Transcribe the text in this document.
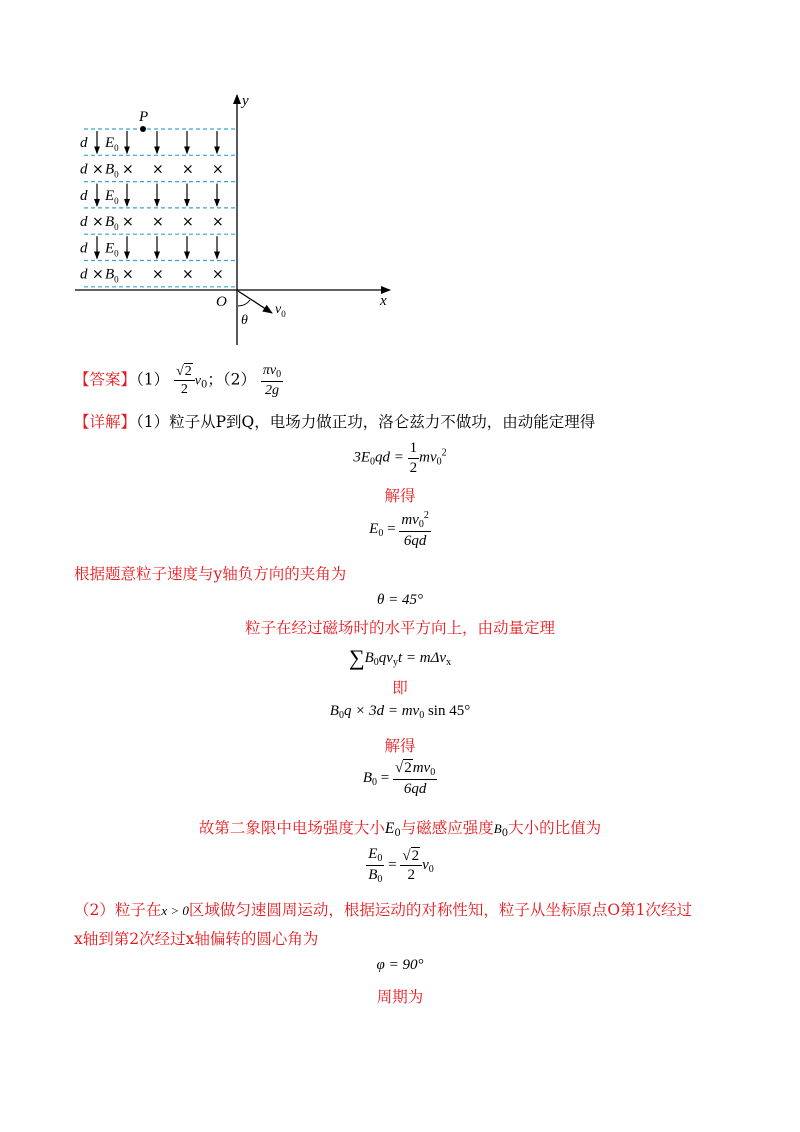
d $E_0$
d × × × × ×
$B_0$
d $E_0$
d × × × × ×
$B_0$
d $E_0$
d × × × × ×
$B_0$
P
y
x
O
θ
$v_0$
【答案】$(1) \frac{√2}{2} v_0$；$(2) \frac{\pi v_0}{2g}$
【详解】（1）粒子从P到Q，电场力做正功，洛仑兹力不做功，由动能定理得
$3E_0qd = \frac{1}{2} mv_0^2$
解得
$E_0 = \frac{mv_0^2}{6qd}$
根据题意粒子速度与y轴负方向的夹角为
θ = 45°
粒子在经过磁场时的水平方向上，由动量定理
$\sum B_0qv_yt = m\Delta v_x$
即
$B_0q \times 3d = mv_0$ sin 45°
解得
$B_0 = \frac{√2mv_0}{6qd}$
故第二象限中电场强度大小$E_0$与磁感应强度$B_0$大小的比值为
$\frac{E_0}{B_0} = \frac{√2}{2} v_0$
（2）粒子在x > 0区域做匀速圆周运动，根据运动的对称性知，粒子从坐标原点O第1次经过
x轴到第2次经过x轴偏转的圆心角为
φ = 90°
周期为
